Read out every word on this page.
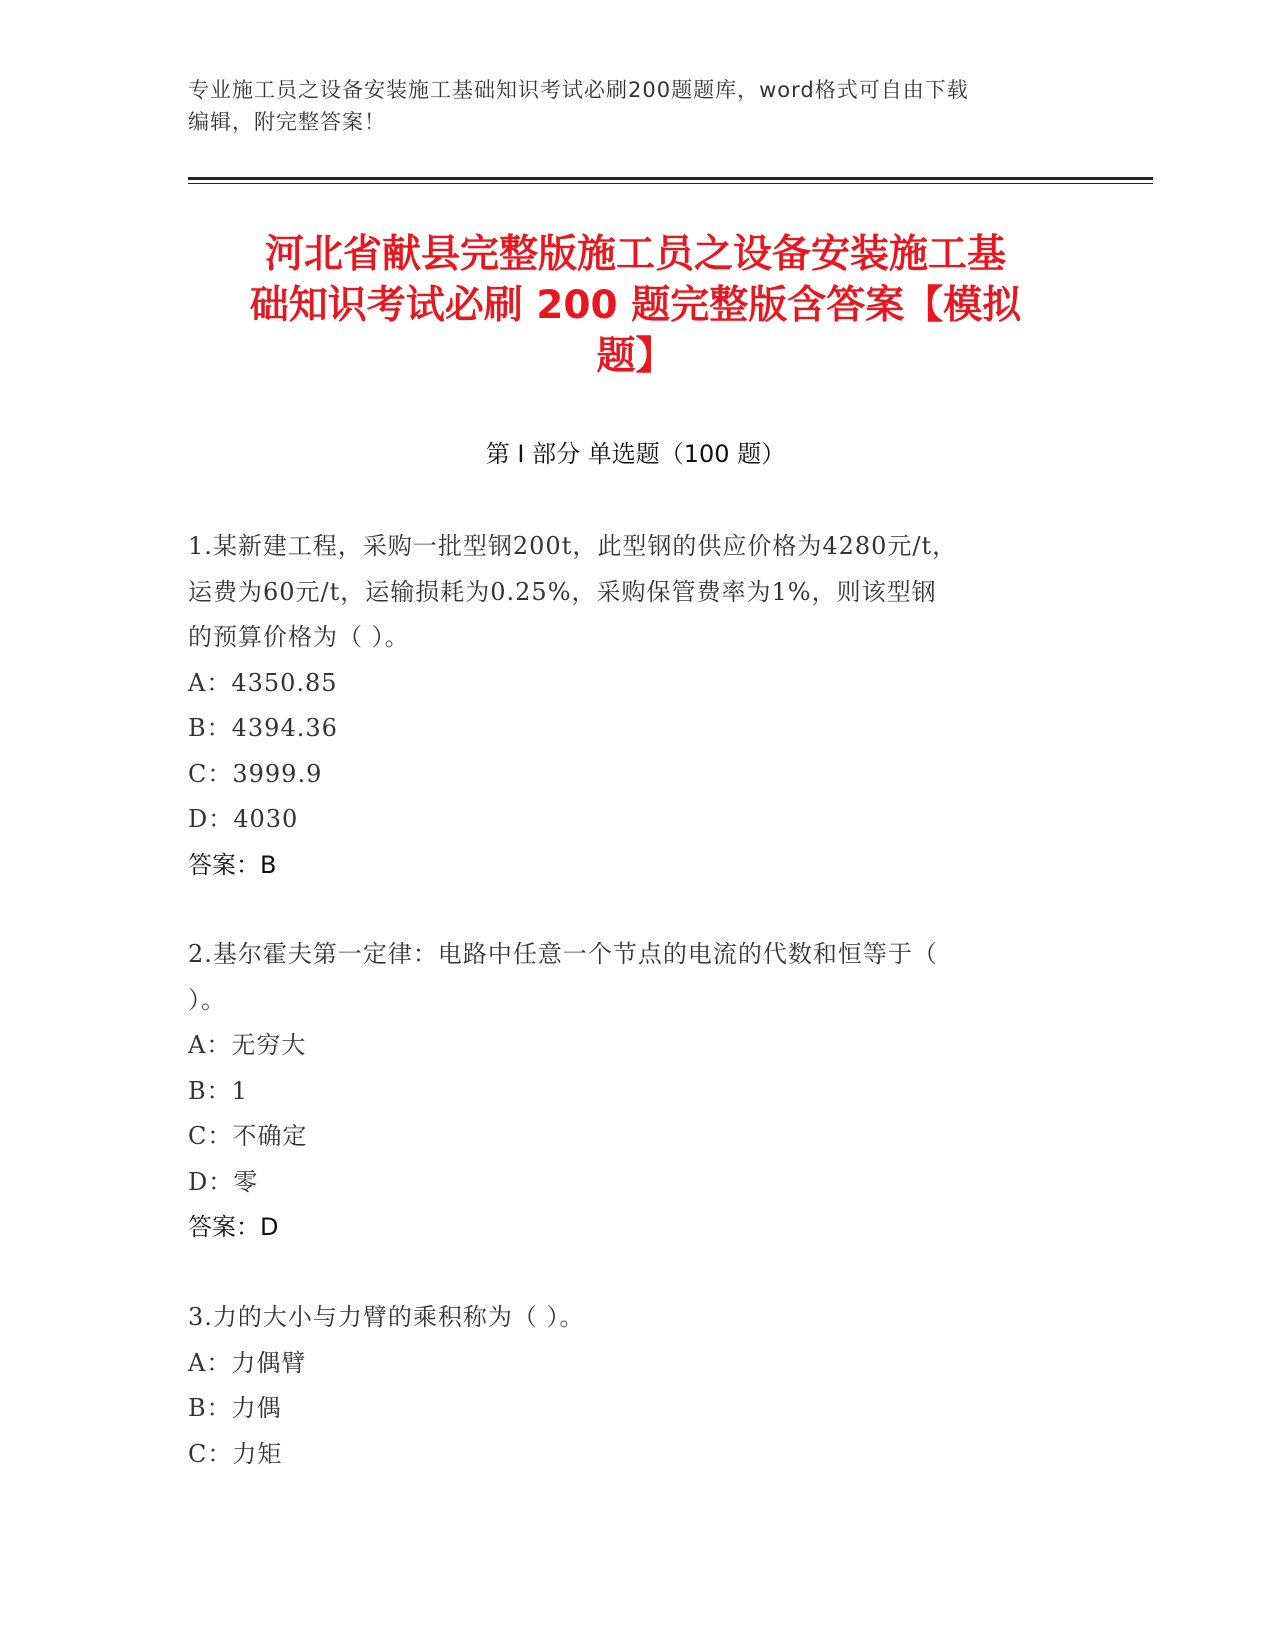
专业施工员之设备安装施工基础知识考试必刷200题题库，word格式可自由下载
编辑，附完整答案！
河北省献县完整版施工员之设备安装施工基
础知识考试必刷 200 题完整版含答案【模拟
题】
第 I 部分 单选题（100 题）
1.某新建工程，采购一批型钢200t，此型钢的供应价格为4280元/t，
运费为60元/t，运输损耗为0.25%，采购保管费率为1%，则该型钢
的预算价格为（ ）。
A：4350.85
B：4394.36
C：3999.9
D：4030
答案：B
2.基尔霍夫第一定律：电路中任意一个节点的电流的代数和恒等于（
）。
A：无穷大
B：1
C：不确定
D：零
答案：D
3.力的大小与力臂的乘积称为（ ）。
A：力偶臂
B：力偶
C：力矩
